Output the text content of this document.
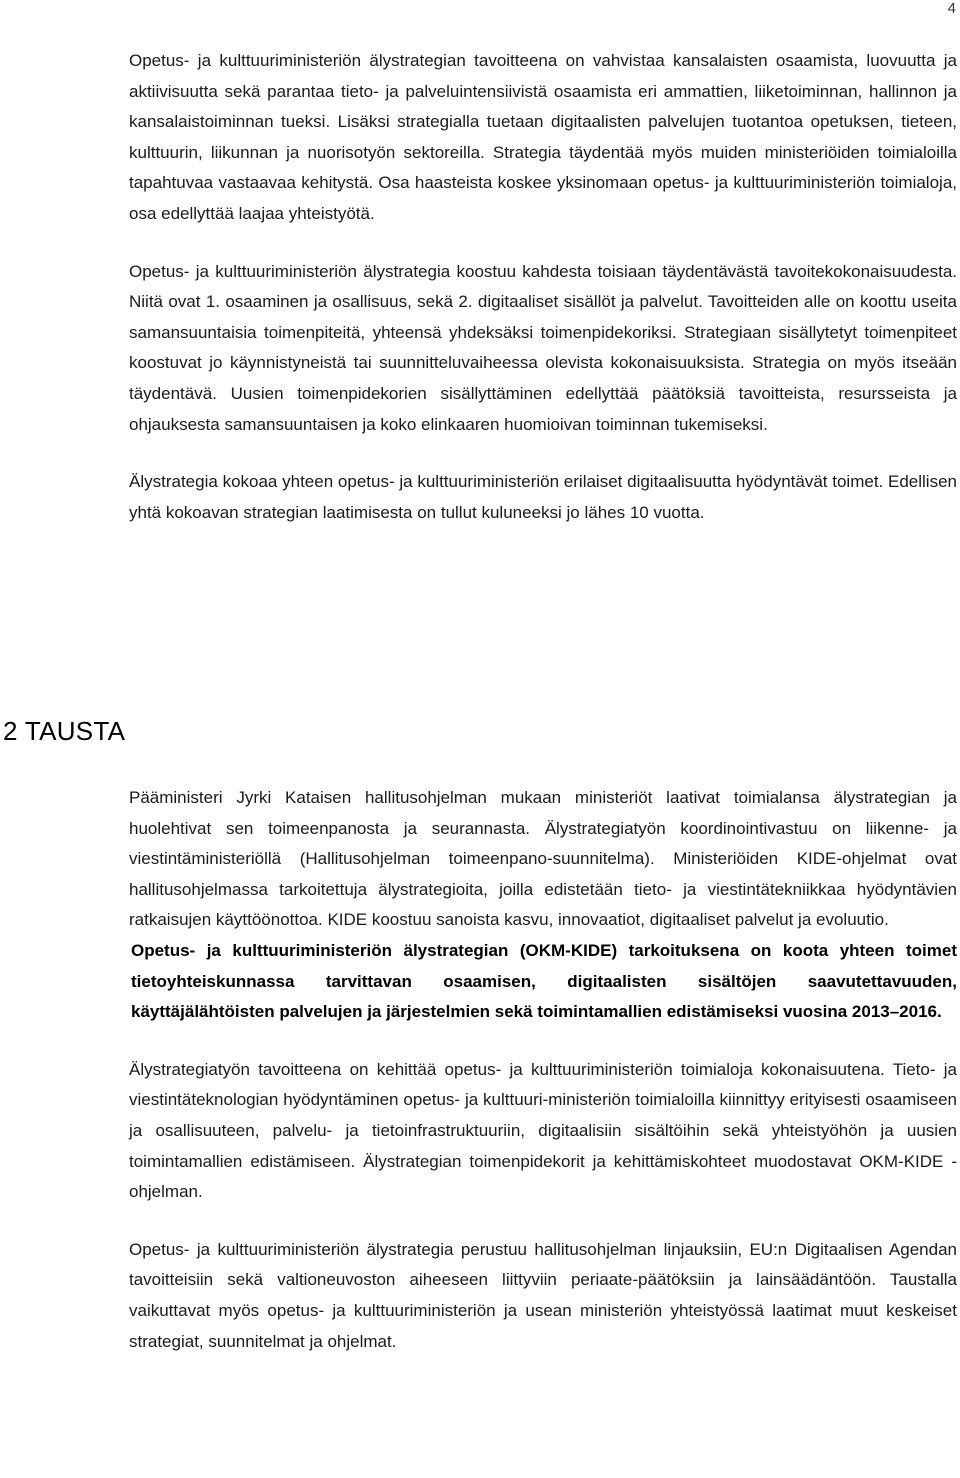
4

Opetus- ja kulttuuriministeriön älystrategian tavoitteena on vahvistaa kansalaisten osaamista, luovuutta ja aktiivisuutta sekä parantaa tieto- ja palveluintensiivistä osaamista eri ammattien, liiketoiminnan, hallinnon ja kansalaistoiminnan tueksi. Lisäksi strategialla tuetaan digitaalisten palvelujen tuotantoa opetuksen, tieteen, kulttuurin, liikunnan ja nuorisotyön sektoreilla. Strategia täydentää myös muiden ministeriöiden toimialoilla tapahtuvaa vastaavaa kehitystä. Osa haasteista koskee yksinomaan opetus- ja kulttuuriministeriön toimialoja, osa edellyttää laajaa yhteistyötä.

Opetus- ja kulttuuriministeriön älystrategia koostuu kahdesta toisiaan täydentävästä tavoitekokonaisuudesta. Niitä ovat 1. osaaminen ja osallisuus, sekä 2. digitaaliset sisällöt ja palvelut. Tavoitteiden alle on koottu useita samansuuntaisia toimenpiteitä, yhteensä yhdeksäksi toimenpidekoriksi. Strategiaan sisällytetyt toimenpiteet koostuvat jo käynnistyneistä tai suunnitteluvaiheessa olevista kokonaisuuksista. Strategia on myös itseään täydentävä. Uusien toimenpidekorien sisällyttäminen edellyttää päätöksiä tavoitteista, resursseista ja ohjauksesta samansuuntaisen ja koko elinkaaren huomioivan toiminnan tukemiseksi.

Älystrategia kokoaa yhteen opetus- ja kulttuuriministeriön erilaiset digitaalisuutta hyödyntävät toimet. Edellisen yhtä kokoavan strategian laatimisesta on tullut kuluneeksi jo lähes 10 vuotta.

2 TAUSTA

Pääministeri Jyrki Kataisen hallitusohjelman mukaan ministeriöt laativat toimialansa älystrategian ja huolehtivat sen toimeenpanosta ja seurannasta. Älystrategiatyön koordinointivastuu on liikenne- ja viestintäministeriöllä (Hallitusohjelman toimeenpano-suunnitelma). Ministeriöiden KIDE-ohjelmat ovat hallitusohjelmassa tarkoitettuja älystrategioita, joilla edistetään tieto- ja viestintätekniikkaa hyödyntävien ratkaisujen käyttöönottoa. KIDE koostuu sanoista kasvu, innovaatiot, digitaaliset palvelut ja evoluutio.

Opetus- ja kulttuuriministeriön älystrategian (OKM-KIDE) tarkoituksena on koota yhteen toimet tietoyhteiskunnassa tarvittavan osaamisen, digitaalisten sisältöjen saavutettavuuden, käyttäjälähtöisten palvelujen ja järjestelmien sekä toimintamallien edistämiseksi vuosina 2013–2016.

Älystrategiatyön tavoitteena on kehittää opetus- ja kulttuuriministeriön toimialoja kokonaisuutena. Tieto- ja viestintäteknologian hyödyntäminen opetus- ja kulttuuri-ministeriön toimialoilla kiinnittyy erityisesti osaamiseen ja osallisuuteen, palvelu- ja tietoinfrastruktuuriin, digitaalisiin sisältöihin sekä yhteistyöhön ja uusien toimintamallien edistämiseen. Älystrategian toimenpidekorit ja kehittämiskohteet muodostavat OKM-KIDE -ohjelman.

Opetus- ja kulttuuriministeriön älystrategia perustuu hallitusohjelman linjauksiin, EU:n Digitaalisen Agendan tavoitteisiin sekä valtioneuvoston aiheeseen liittyviin periaate-päätöksiin ja lainsäädäntöön. Taustalla vaikuttavat myös opetus- ja kulttuuriministeriön ja usean ministeriön yhteistyössä laatimat muut keskeiset strategiat, suunnitelmat ja ohjelmat.
